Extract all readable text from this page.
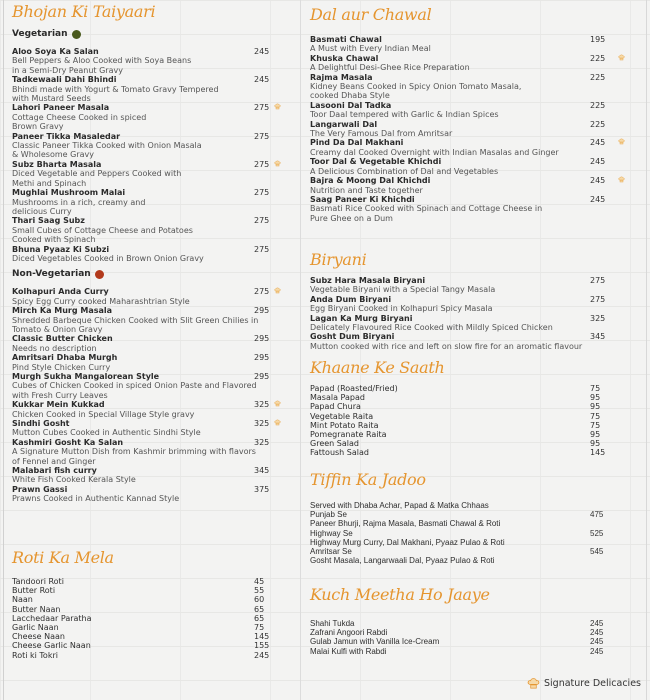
Bhojan Ki Taiyaari
Vegetarian
Aloo Soya Ka Salan
Bell Peppers & Aloo Cooked with Soya Beans
in a Semi-Dry Peanut Gravy
245
Tadkewaali Dahi Bhindi
Bhindi made with Yogurt & Tomato Gravy Tempered
with Mustard Seeds
245
Lahori Paneer Masala
Cottage Cheese Cooked in spiced
Brown Gravy
275
Paneer Tikka Masaledar
Classic Paneer Tikka Cooked with Onion Masala
& Wholesome Gravy
275
Subz Bharta Masala
Diced Vegetable and Peppers Cooked with
Methi and Spinach
275
Mughlai Mushroom Malai
Mushrooms in a rich, creamy and
delicious Curry
275
Thari Saag Subz
Small Cubes of Cottage Cheese and Potatoes
Cooked with Spinach
275
Bhuna Pyaaz Ki Subzi
Diced Vegetables Cooked in Brown Onion Gravy
275
Non-Vegetarian
Kolhapuri Anda Curry
Spicy Egg Curry cooked Maharashtrian Style
275
Mirch Ka Murg Masala
Shredded Barbeque Chicken Cooked with Slit Green Chilies in
Tomato & Onion Gravy
295
Classic Butter Chicken
Needs no description
295
Amritsari Dhaba Murgh
Pind Style Chicken Curry
295
Murgh Sukha Mangalorean Style
Cubes of Chicken Cooked in spiced Onion Paste and Flavored
with Fresh Curry Leaves
295
Kukkar Mein Kukkad
Chicken Cooked in Special Village Style gravy
325
Sindhi Gosht
Mutton Cubes Cooked in Authentic Sindhi Style
325
Kashmiri Gosht Ka Salan
A Signature Mutton Dish from Kashmir brimming with flavors
of Fennel and Ginger
325
Malabari fish curry
White Fish Cooked Kerala Style
345
Prawn Gassi
Prawns Cooked in Authentic Kannad Style
375
Roti Ka Mela
Tandoori Roti	45
Butter Roti	55
Naan	60
Butter Naan	65
Lacchedaar Paratha	65
Garlic Naan	75
Cheese Naan	145
Cheese Garlic Naan	155
Roti ki Tokri	245
Dal aur Chawal
Basmati Chawal
A Must with Every Indian Meal
195
Khuska Chawal
A Delightful Desi-Ghee Rice Preparation
225
Rajma Masala
Kidney Beans Cooked in Spicy Onion Tomato Masala,
cooked Dhaba Style
225
Lasooni Dal Tadka
Toor Daal tempered with Garlic & Indian Spices
225
Langarwali Dal
The Very Famous Dal from Amritsar
225
Pind Da Dal Makhani
Creamy dal Cooked Overnight with Indian Masalas and Ginger
245
Toor Dal & Vegetable Khichdi
A Delicious Combination of Dal and Vegetables
245
Bajra & Moong Dal Khichdi
Nutrition and Taste together
245
Saag Paneer Ki Khichdi
Basmati Rice Cooked with Spinach and Cottage Cheese in
Pure Ghee on a Dum
245
Biryani
Subz Hara Masala Biryani
Vegetable Biryani with a Special Tangy Masala
275
Anda Dum Biryani
Egg Biryani Cooked in Kolhapuri Spicy Masala
275
Lagan Ka Murg Biryani
Delicately Flavoured Rice Cooked with Mildly Spiced Chicken
325
Gosht Dum Biryani
Mutton cooked with rice and left on slow fire for an aromatic flavour
345
Khaane Ke Saath
Papad (Roasted/Fried)	75
Masala Papad	95
Papad Chura	95
Vegetable Raita	75
Mint Potato Raita	75
Pomegranate Raita	95
Green Salad	95
Fattoush Salad	145
Tiffin Ka Jadoo
Served with Dhaba Achar, Papad & Matka Chhaas
Punjab Se	475
Paneer Bhurji, Rajma Masala, Basmati Chawal & Roti
Highway Se	525
Highway Murg Curry, Dal Makhani, Pyaaz Pulao & Roti
Amritsar Se	545
Gosht Masala, Langarwaali Dal, Pyaaz Pulao & Roti
Kuch Meetha Ho Jaaye
Shahi Tukda	245
Zafrani Angoori Rabdi	245
Gulab Jamun with Vanilla Ice-Cream	245
Malai Kulfi with Rabdi	245
Signature Delicacies
